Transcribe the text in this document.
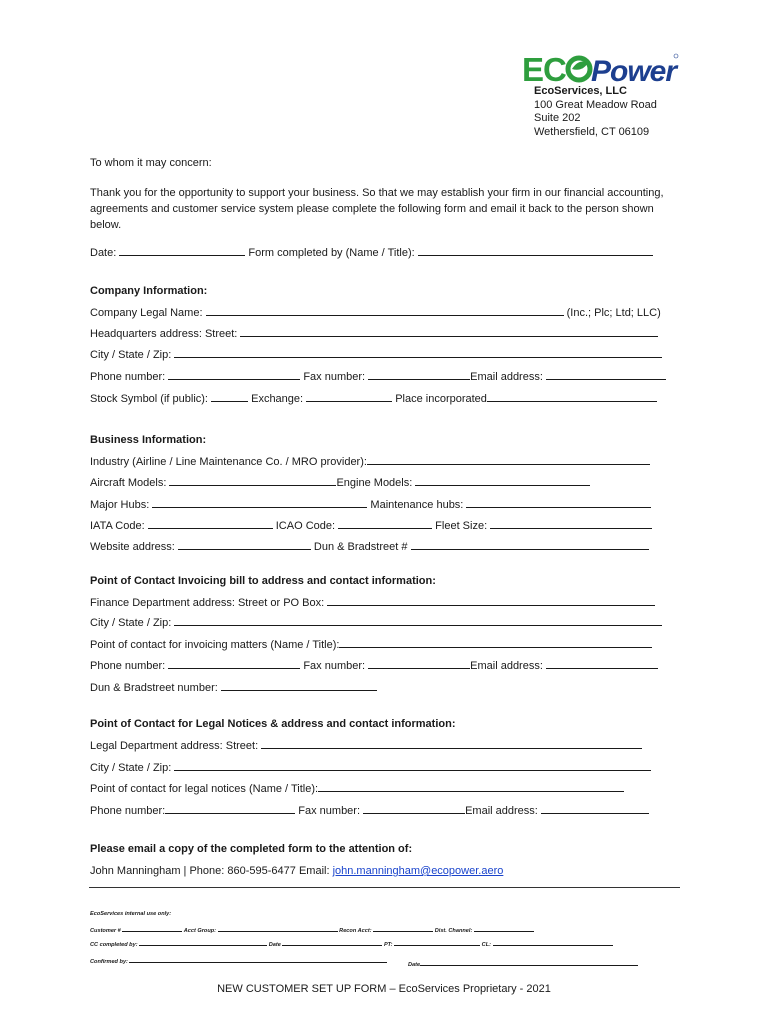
EC Power
EcoServices, LLC
100 Great Meadow Road
Suite 202
Wethersfield, CT 06109
To whom it may concern:
Thank you for the opportunity to support your business. So that we may establish your firm in our financial accounting, agreements and customer service system please complete the following form and email it back to the person shown below.
Date:	Form completed by (Name / Title):
Company Information:
Company Legal Name:	(Inc.; Plc; Ltd; LLC)
Headquarters address: Street:
City / State / Zip:
Phone number:	Fax number:	Email address:
Stock Symbol (if public):	Exchange:	Place incorporated
Business Information:
Industry (Airline / Line Maintenance Co. / MRO provider):
Aircraft Models:	Engine Models:
Major Hubs:	Maintenance hubs:
IATA Code:	ICAO Code:	Fleet Size:
Website address:	Dun & Bradstreet #
Point of Contact Invoicing bill to address and contact information:
Finance Department address: Street or PO Box:
City / State / Zip:
Point of contact for invoicing matters (Name / Title):
Phone number:	Fax number:	Email address:
Dun & Bradstreet number:
Point of Contact for Legal Notices & address and contact information:
Legal Department address: Street:
City / State / Zip:
Point of contact for legal notices (Name / Title):
Phone number:	Fax number:	Email address:
Please email a copy of the completed form to the attention of:
John Manningham | Phone: 860-595-6477 Email: john.manningham@ecopower.aero
EcoServices internal use only:
Customer #	Acct Group:	Recon Acct:	Dist. Channel:
CC completed by:	Date	PT:	CL:
Confirmed by:	Date
NEW CUSTOMER SET UP FORM – EcoServices Proprietary - 2021
